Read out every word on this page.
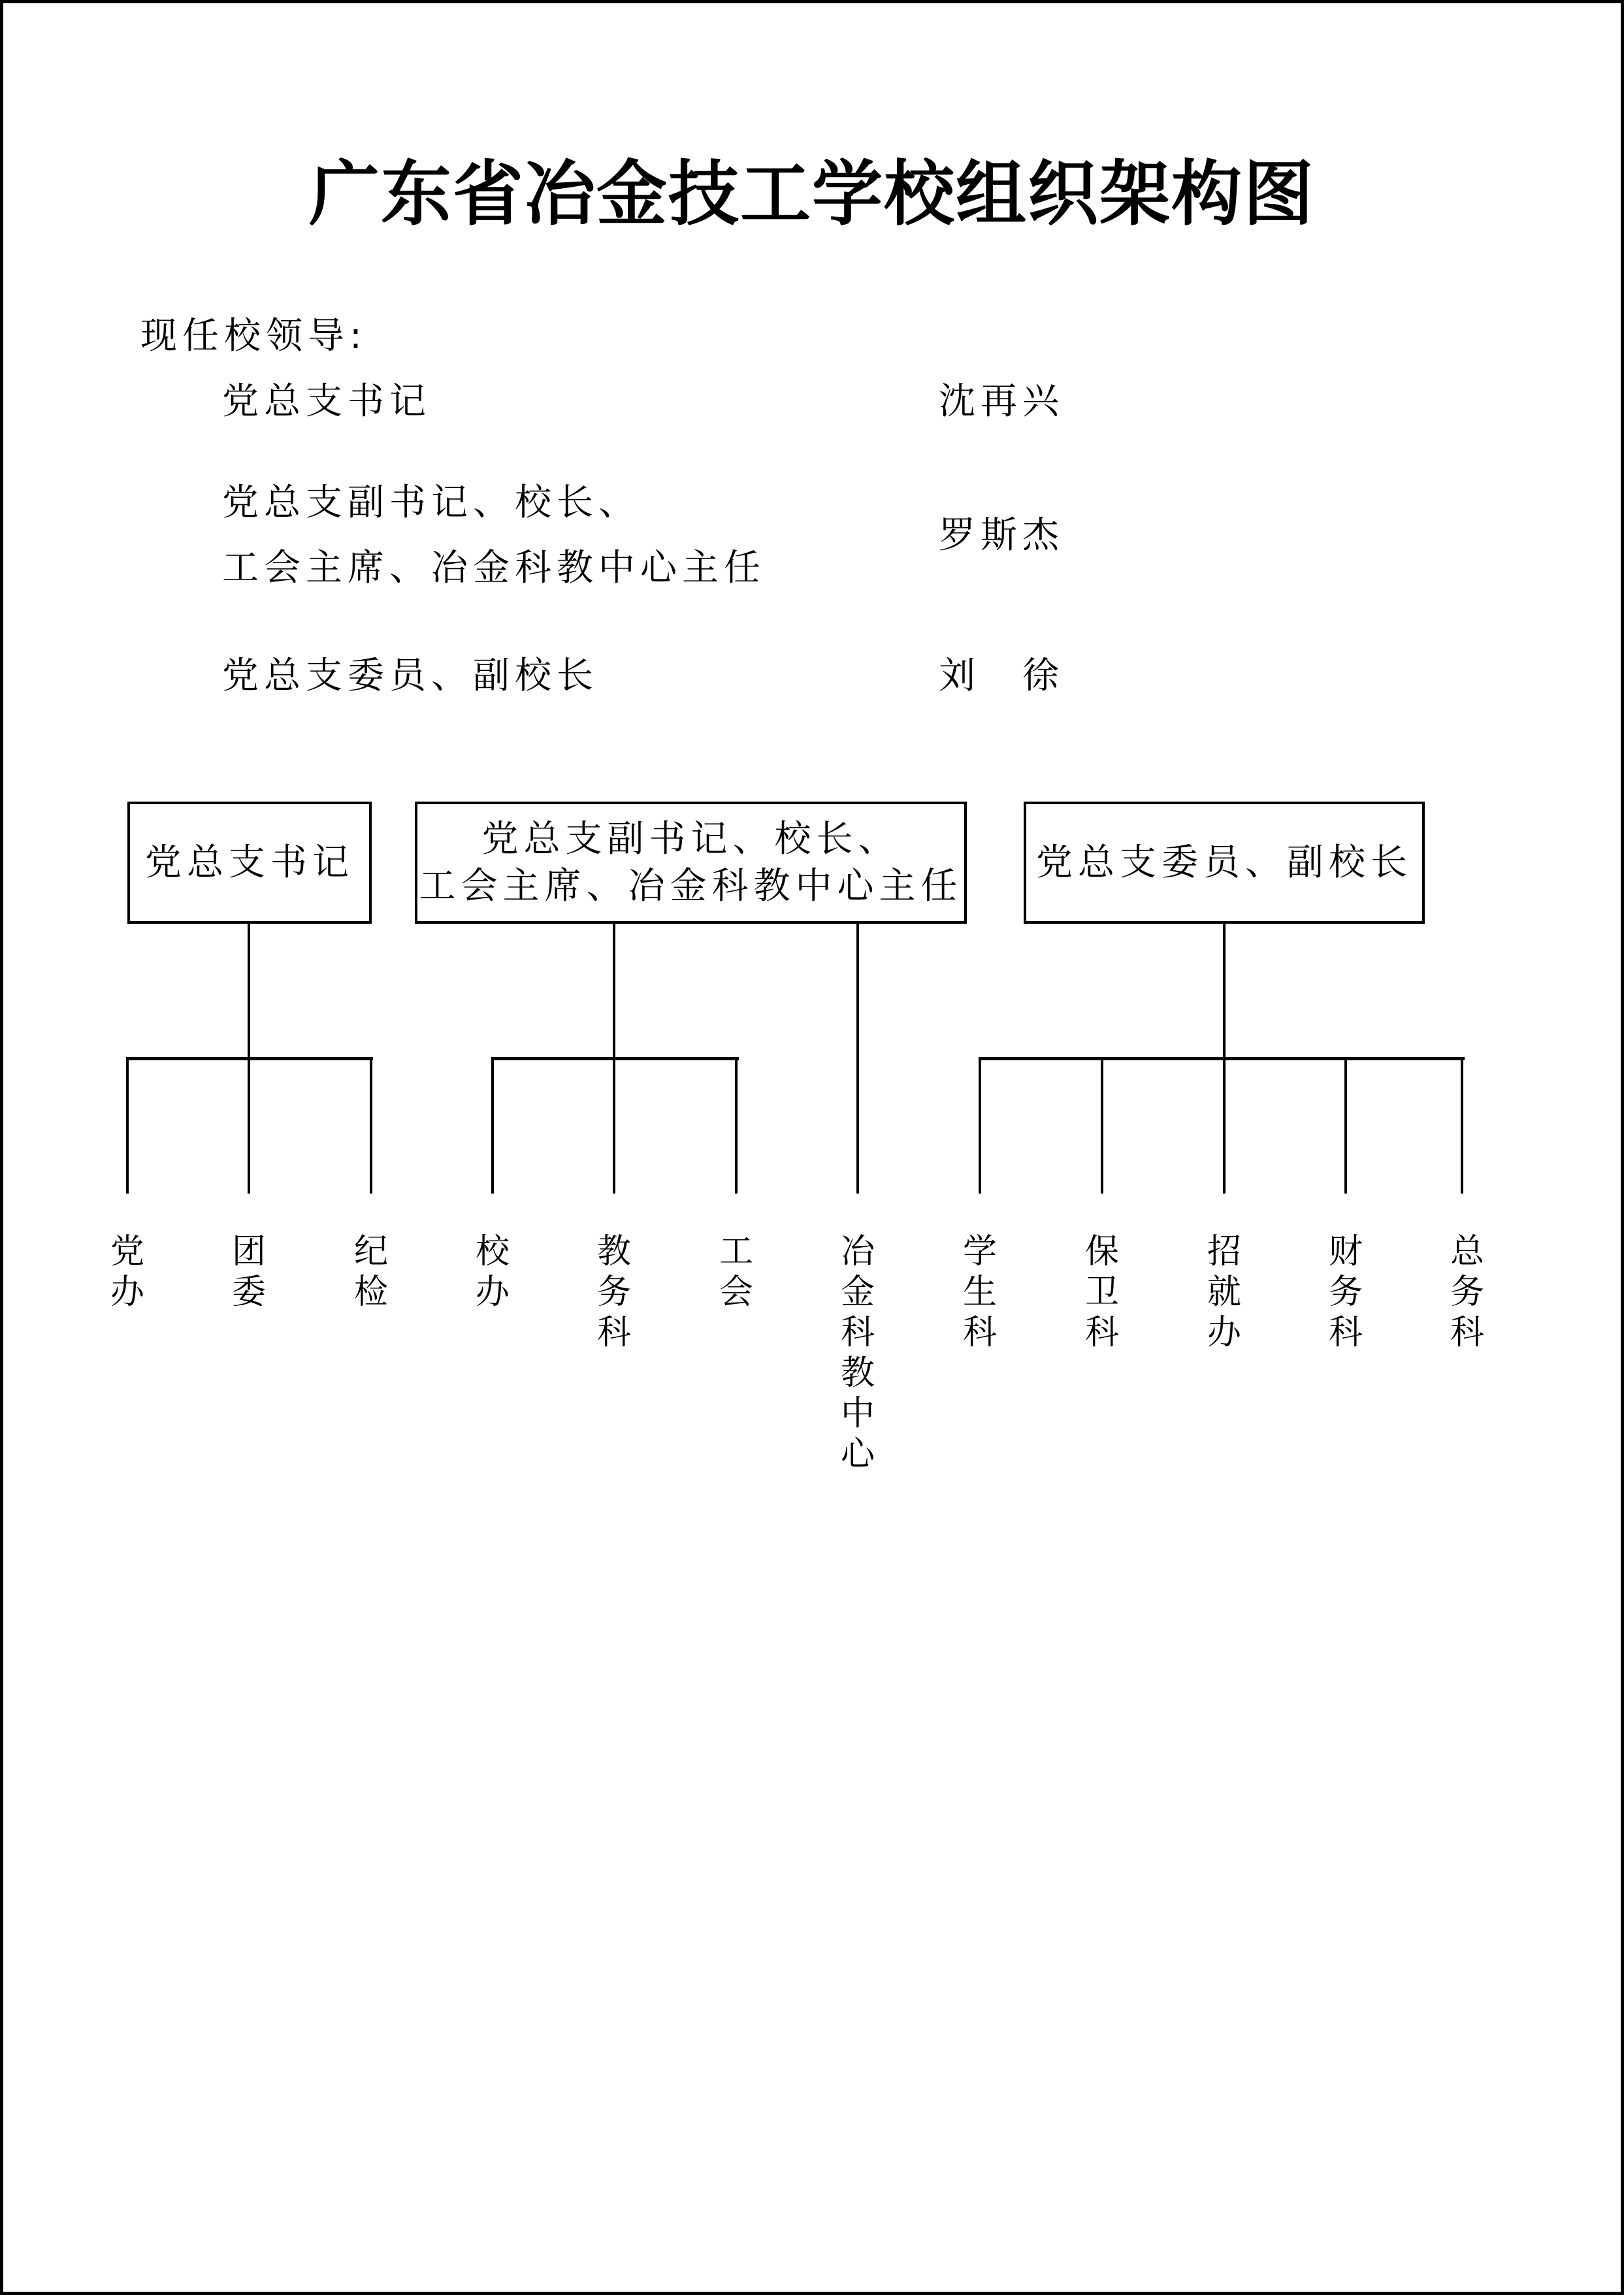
广东省冶金技工学校组织架构图
现任校领导:
党总支书记	沈再兴
党总支副书记、校长、
工会主席、冶金科教中心主任
罗斯杰
党总支委员、副校长	刘　徐
党总支书记
党总支副书记、校长、
工会主席、冶金科教中心主任
党总支委员、副校长
党
办
团
委
纪
检
校
办
教
务
科
工
会
冶
金
科
教
中
心
学
生
科
保
卫
科
招
就
办
财
务
科
总
务
科
